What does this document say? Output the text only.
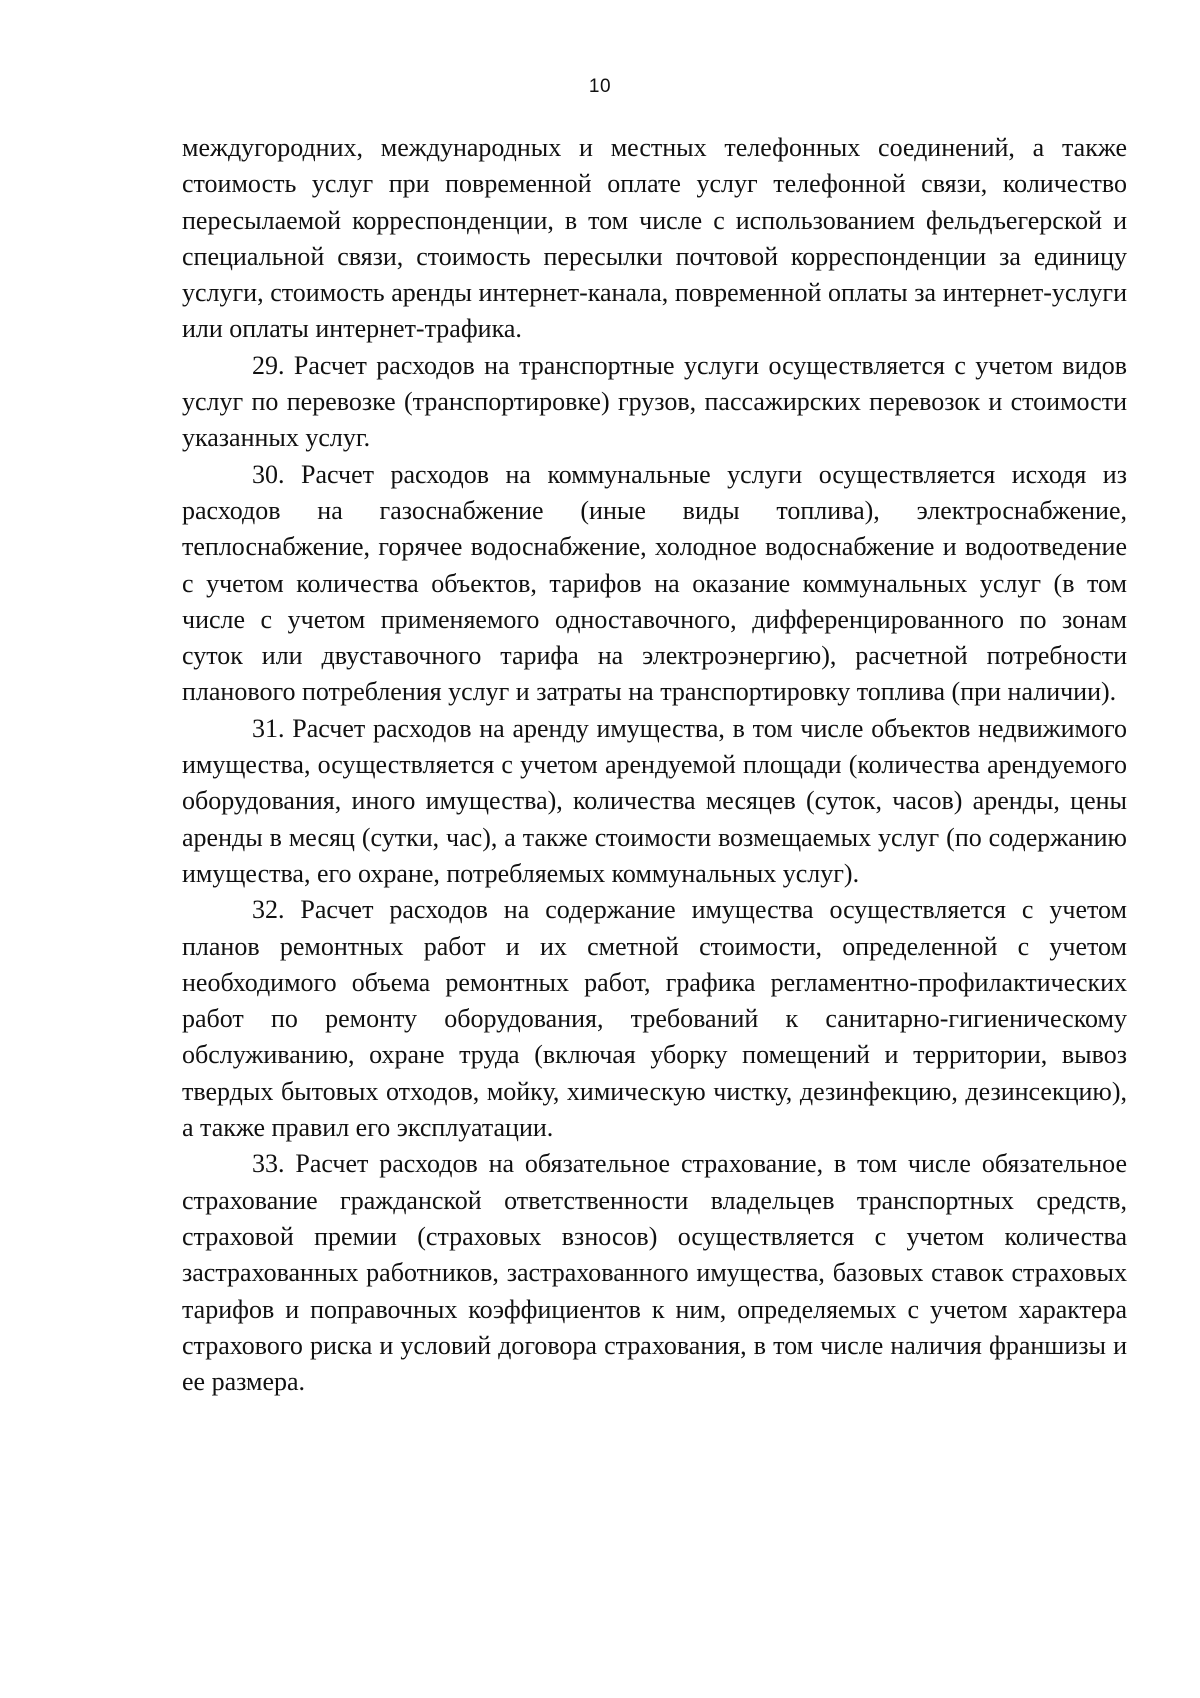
10

междугородних, международных и местных телефонных соединений, а также стоимость услуг при повременной оплате услуг телефонной связи, количество пересылаемой корреспонденции, в том числе с использованием фельдъегерской и специальной связи, стоимость пересылки почтовой корреспонденции за единицу услуги, стоимость аренды интернет-канала, повременной оплаты за интернет-услуги или оплаты интернет-трафика.

29. Расчет расходов на транспортные услуги осуществляется с учетом видов услуг по перевозке (транспортировке) грузов, пассажирских перевозок и стоимости указанных услуг.

30. Расчет расходов на коммунальные услуги осуществляется исходя из расходов на газоснабжение (иные виды топлива), электроснабжение, теплоснабжение, горячее водоснабжение, холодное водоснабжение и водоотведение с учетом количества объектов, тарифов на оказание коммунальных услуг (в том числе с учетом применяемого одноставочного, дифференцированного по зонам суток или двуставочного тарифа на электроэнергию), расчетной потребности планового потребления услуг и затраты на транспортировку топлива (при наличии).

31. Расчет расходов на аренду имущества, в том числе объектов недвижимого имущества, осуществляется с учетом арендуемой площади (количества арендуемого оборудования, иного имущества), количества месяцев (суток, часов) аренды, цены аренды в месяц (сутки, час), а также стоимости возмещаемых услуг (по содержанию имущества, его охране, потребляемых коммунальных услуг).

32. Расчет расходов на содержание имущества осуществляется с учетом планов ремонтных работ и их сметной стоимости, определенной с учетом необходимого объема ремонтных работ, графика регламентно-профилактических работ по ремонту оборудования, требований к санитарно-гигиеническому обслуживанию, охране труда (включая уборку помещений и территории, вывоз твердых бытовых отходов, мойку, химическую чистку, дезинфекцию, дезинсекцию), а также правил его эксплуатации.

33. Расчет расходов на обязательное страхование, в том числе обязательное страхование гражданской ответственности владельцев транспортных средств, страховой премии (страховых взносов) осуществляется с учетом количества застрахованных работников, застрахованного имущества, базовых ставок страховых тарифов и поправочных коэффициентов к ним, определяемых с учетом характера страхового риска и условий договора страхования, в том числе наличия франшизы и ее размера.
